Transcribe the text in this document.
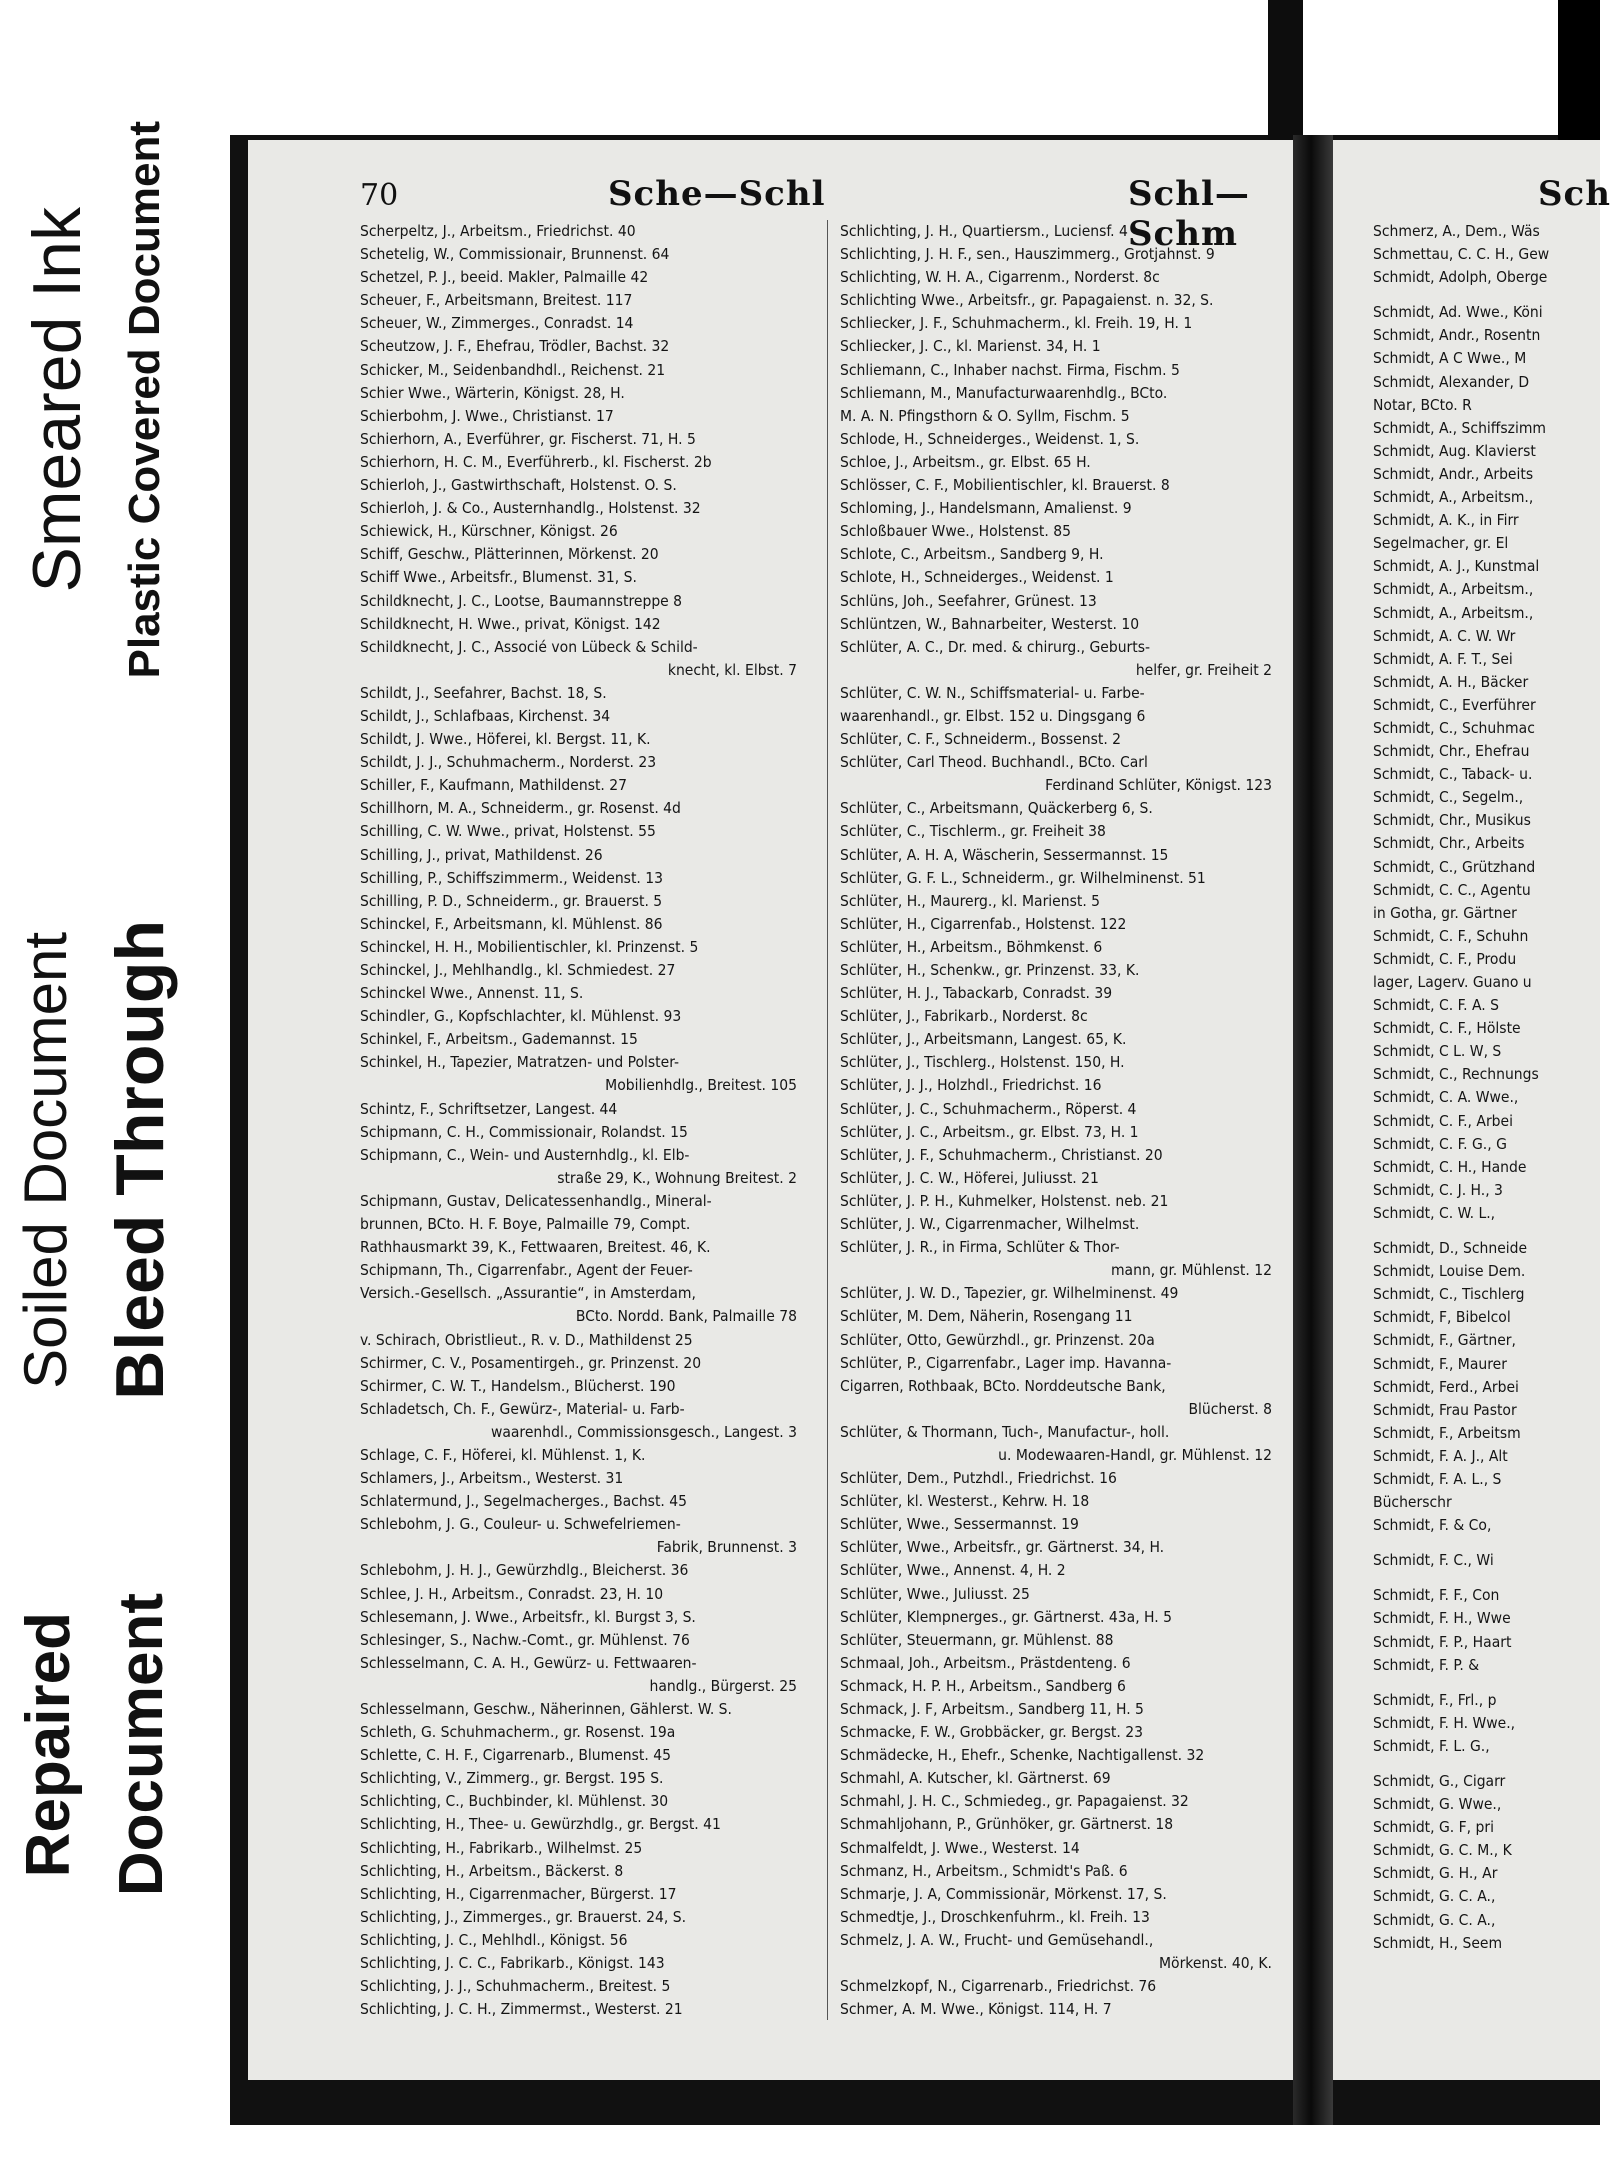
Smeared Ink Plastic Covered Document
Soiled Document Bleed Through
Repaired Document
70	Sche—Schl	Schl—Schm
Scherpeltz, J., Arbeitsm., Friedrichst. 40
Schetelig, W., Commissionair, Brunnenst. 64
Schetzel, P. J., beeid. Makler, Palmaille 42
Scheuer, F., Arbeitsmann, Breitest. 117
Scheuer, W., Zimmerges., Conradst. 14
Scheutzow, J. F., Ehefrau, Trödler, Bachst. 32
Schicker, M., Seidenbandhdl., Reichenst. 21
Schier Wwe., Wärterin, Königst. 28, H.
Schierbohm, J. Wwe., Christianst. 17
Schierhorn, A., Everführer, gr. Fischerst. 71, H. 5
Schierhorn, H. C. M., Everführerb., kl. Fischerst. 2b
Schierloh, J., Gastwirthschaft, Holstenst. O. S.
Schierloh, J. & Co., Austernhandlg., Holstenst. 32
Schiewick, H., Kürschner, Königst. 26
Schiff, Geschw., Plätterinnen, Mörkenst. 20
Schiff Wwe., Arbeitsfr., Blumenst. 31, S.
Schildknecht, J. C., Lootse, Baumannstreppe 8
Schildknecht, H. Wwe., privat, Königst. 142
Schildknecht, J. C., Associé von Lübeck & Schild-
knecht, kl. Elbst. 7
Schildt, J., Seefahrer, Bachst. 18, S.
Schildt, J., Schlafbaas, Kirchenst. 34
Schildt, J. Wwe., Höferei, kl. Bergst. 11, K.
Schildt, J. J., Schuhmacherm., Norderst. 23
Schiller, F., Kaufmann, Mathildenst. 27
Schillhorn, M. A., Schneiderm., gr. Rosenst. 4d
Schilling, C. W. Wwe., privat, Holstenst. 55
Schilling, J., privat, Mathildenst. 26
Schilling, P., Schiffszimmerm., Weidenst. 13
Schilling, P. D., Schneiderm., gr. Brauerst. 5
Schinckel, F., Arbeitsmann, kl. Mühlenst. 86
Schinckel, H. H., Mobilientischler, kl. Prinzenst. 5
Schinckel, J., Mehlhandlg., kl. Schmiedest. 27
Schinckel Wwe., Annenst. 11, S.
Schindler, G., Kopfschlachter, kl. Mühlenst. 93
Schinkel, F., Arbeitsm., Gademannst. 15
Schinkel, H., Tapezier, Matratzen- und Polster-
Mobilienhdlg., Breitest. 105
Schintz, F., Schriftsetzer, Langest. 44
Schipmann, C. H., Commissionair, Rolandst. 15
Schipmann, C., Wein- und Austernhdlg., kl. Elb-
straße 29, K., Wohnung Breitest. 2
Schipmann, Gustav, Delicatessenhandlg., Mineral-
brunnen, BCto. H. F. Boye, Palmaille 79, Compt.
Rathhausmarkt 39, K., Fettwaaren, Breitest. 46, K.
Schipmann, Th., Cigarrenfabr., Agent der Feuer-
Versich.-Gesellsch. „Assurantie“, in Amsterdam,
BCto. Nordd. Bank, Palmaille 78
v. Schirach, Obristlieut., R. v. D., Mathildenst 25
Schirmer, C. V., Posamentirgeh., gr. Prinzenst. 20
Schirmer, C. W. T., Handelsm., Blücherst. 190
Schladetsch, Ch. F., Gewürz-, Material- u. Farb-
waarenhdl., Commissionsgesch., Langest. 3
Schlage, C. F., Höferei, kl. Mühlenst. 1, K.
Schlamers, J., Arbeitsm., Westerst. 31
Schlatermund, J., Segelmacherges., Bachst. 45
Schlebohm, J. G., Couleur- u. Schwefelriemen-
Fabrik, Brunnenst. 3
Schlebohm, J. H. J., Gewürzhdlg., Bleicherst. 36
Schlee, J. H., Arbeitsm., Conradst. 23, H. 10
Schlesemann, J. Wwe., Arbeitsfr., kl. Burgst 3, S.
Schlesinger, S., Nachw.-Comt., gr. Mühlenst. 76
Schlesselmann, C. A. H., Gewürz- u. Fettwaaren-
handlg., Bürgerst. 25
Schlesselmann, Geschw., Näherinnen, Gählerst. W. S.
Schleth, G. Schuhmacherm., gr. Rosenst. 19a
Schlette, C. H. F., Cigarrenarb., Blumenst. 45
Schlichting, V., Zimmerg., gr. Bergst. 195 S.
Schlichting, C., Buchbinder, kl. Mühlenst. 30
Schlichting, H., Thee- u. Gewürzhdlg., gr. Bergst. 41
Schlichting, H., Fabrikarb., Wilhelmst. 25
Schlichting, H., Arbeitsm., Bäckerst. 8
Schlichting, H., Cigarrenmacher, Bürgerst. 17
Schlichting, J., Zimmerges., gr. Brauerst. 24, S.
Schlichting, J. C., Mehlhdl., Königst. 56
Schlichting, J. C. C., Fabrikarb., Königst. 143
Schlichting, J. J., Schuhmacherm., Breitest. 5
Schlichting, J. C. H., Zimmermst., Westerst. 21
Schlichting, J. H., Quartiersm., Luciensf. 4
Schlichting, J. H. F., sen., Hauszimmerg., Grotjahnst. 9
Schlichting, W. H. A., Cigarrenm., Norderst. 8c
Schlichting Wwe., Arbeitsfr., gr. Papagaienst. n. 32, S.
Schliecker, J. F., Schuhmacherm., kl. Freih. 19, H. 1
Schliecker, J. C., kl. Marienst. 34, H. 1
Schliemann, C., Inhaber nachst. Firma, Fischm. 5
Schliemann, M., Manufacturwaarenhdlg., BCto.
M. A. N. Pfingsthorn & O. Syllm, Fischm. 5
Schlode, H., Schneiderges., Weidenst. 1, S.
Schloe, J., Arbeitsm., gr. Elbst. 65 H.
Schlösser, C. F., Mobilientischler, kl. Brauerst. 8
Schloming, J., Handelsmann, Amalienst. 9
Schloßbauer Wwe., Holstenst. 85
Schlote, C., Arbeitsm., Sandberg 9, H.
Schlote, H., Schneiderges., Weidenst. 1
Schlüns, Joh., Seefahrer, Grünest. 13
Schlüntzen, W., Bahnarbeiter, Westerst. 10
Schlüter, A. C., Dr. med. & chirurg., Geburts-
helfer, gr. Freiheit 2
Schlüter, C. W. N., Schiffsmaterial- u. Farbe-
waarenhandl., gr. Elbst. 152 u. Dingsgang 6
Schlüter, C. F., Schneiderm., Bossenst. 2
Schlüter, Carl Theod. Buchhandl., BCto. Carl
Ferdinand Schlüter, Königst. 123
Schlüter, C., Arbeitsmann, Quäckerberg 6, S.
Schlüter, C., Tischlerm., gr. Freiheit 38
Schlüter, A. H. A, Wäscherin, Sessermannst. 15
Schlüter, G. F. L., Schneiderm., gr. Wilhelminenst. 51
Schlüter, H., Maurerg., kl. Marienst. 5
Schlüter, H., Cigarrenfab., Holstenst. 122
Schlüter, H., Arbeitsm., Böhmkenst. 6
Schlüter, H., Schenkw., gr. Prinzenst. 33, K.
Schlüter, H. J., Tabackarb, Conradst. 39
Schlüter, J., Fabrikarb., Norderst. 8c
Schlüter, J., Arbeitsmann, Langest. 65, K.
Schlüter, J., Tischlerg., Holstenst. 150, H.
Schlüter, J. J., Holzhdl., Friedrichst. 16
Schlüter, J. C., Schuhmacherm., Röperst. 4
Schlüter, J. C., Arbeitsm., gr. Elbst. 73, H. 1
Schlüter, J. F., Schuhmacherm., Christianst. 20
Schlüter, J. C. W., Höferei, Juliusst. 21
Schlüter, J. P. H., Kuhmelker, Holstenst. neb. 21
Schlüter, J. W., Cigarrenmacher, Wilhelmst.
Schlüter, J. R., in Firma, Schlüter & Thor-
mann, gr. Mühlenst. 12
Schlüter, J. W. D., Tapezier, gr. Wilhelminenst. 49
Schlüter, M. Dem, Näherin, Rosengang 11
Schlüter, Otto, Gewürzhdl., gr. Prinzenst. 20a
Schlüter, P., Cigarrenfabr., Lager imp. Havanna-
Cigarren, Rothbaak, BCto. Norddeutsche Bank,
Blücherst. 8
Schlüter, & Thormann, Tuch-, Manufactur-, holl.
u. Modewaaren-Handl, gr. Mühlenst. 12
Schlüter, Dem., Putzhdl., Friedrichst. 16
Schlüter, kl. Westerst., Kehrw. H. 18
Schlüter, Wwe., Sessermannst. 19
Schlüter, Wwe., Arbeitsfr., gr. Gärtnerst. 34, H.
Schlüter, Wwe., Annenst. 4, H. 2
Schlüter, Wwe., Juliusst. 25
Schlüter, Klempnerges., gr. Gärtnerst. 43a, H. 5
Schlüter, Steuermann, gr. Mühlenst. 88
Schmaal, Joh., Arbeitsm., Prästdenteng. 6
Schmack, H. P. H., Arbeitsm., Sandberg 6
Schmack, J. F, Arbeitsm., Sandberg 11, H. 5
Schmacke, F. W., Grobbäcker, gr. Bergst. 23
Schmädecke, H., Ehefr., Schenke, Nachtigallenst. 32
Schmahl, A. Kutscher, kl. Gärtnerst. 69
Schmahl, J. H. C., Schmiedeg., gr. Papagaienst. 32
Schmahljohann, P., Grünhöker, gr. Gärtnerst. 18
Schmalfeldt, J. Wwe., Westerst. 14
Schmanz, H., Arbeitsm., Schmidt's Paß. 6
Schmarje, J. A, Commissionär, Mörkenst. 17, S.
Schmedtje, J., Droschkenfuhrm., kl. Freih. 13
Schmelz, J. A. W., Frucht- und Gemüsehandl.,
Mörkenst. 40, K.
Schmelzkopf, N., Cigarrenarb., Friedrichst. 76
Schmer, A. M. Wwe., Königst. 114, H. 7
Sch
Schmerz, A., Dem., Wäs
Schmettau, C. C. H., Gew
Schmidt, Adolph, Oberge
Schmidt, Ad. Wwe., Köni
Schmidt, Andr., Rosentn
Schmidt, A C Wwe., M
Schmidt, Alexander, D
Notar, BCto. R
Schmidt, A., Schiffszimm
Schmidt, Aug. Klavierst
Schmidt, Andr., Arbeits
Schmidt, A., Arbeitsm.,
Schmidt, A. K., in Firr
Segelmacher, gr. El
Schmidt, A. J., Kunstmal
Schmidt, A., Arbeitsm.,
Schmidt, A., Arbeitsm.,
Schmidt, A. C. W. Wr
Schmidt, A. F. T., Sei
Schmidt, A. H., Bäcker
Schmidt, C., Everführer
Schmidt, C., Schuhmac
Schmidt, Chr., Ehefrau
Schmidt, C., Taback- u.
Schmidt, C., Segelm.,
Schmidt, Chr., Musikus
Schmidt, Chr., Arbeits
Schmidt, C., Grützhand
Schmidt, C. C., Agentu
in Gotha, gr. Gärtner
Schmidt, C. F., Schuhn
Schmidt, C. F., Produ
lager, Lagerv. Guano u
Schmidt, C. F. A. S
Schmidt, C. F., Hölste
Schmidt, C L. W, S
Schmidt, C., Rechnungs
Schmidt, C. A. Wwe.,
Schmidt, C. F., Arbei
Schmidt, C. F. G., G
Schmidt, C. H., Hande
Schmidt, C. J. H., 3
Schmidt, C. W. L.,
Schmidt, D., Schneide
Schmidt, Louise Dem.
Schmidt, C., Tischlerg
Schmidt, F, Bibelcol
Schmidt, F., Gärtner,
Schmidt, F., Maurer
Schmidt, Ferd., Arbei
Schmidt, Frau Pastor
Schmidt, F., Arbeitsm
Schmidt, F. A. J., Alt
Schmidt, F. A. L., S
Bücherschr
Schmidt, F. & Co,
Schmidt, F. C., Wi
Schmidt, F. F., Con
Schmidt, F. H., Wwe
Schmidt, F. P., Haart
Schmidt, F. P. &
Schmidt, F., Frl., p
Schmidt, F. H. Wwe.,
Schmidt, F. L. G.,
Schmidt, G., Cigarr
Schmidt, G. Wwe.,
Schmidt, G. F, pri
Schmidt, G. C. M., K
Schmidt, G. H., Ar
Schmidt, G. C. A.,
Schmidt, G. C. A.,
Schmidt, H., Seem
